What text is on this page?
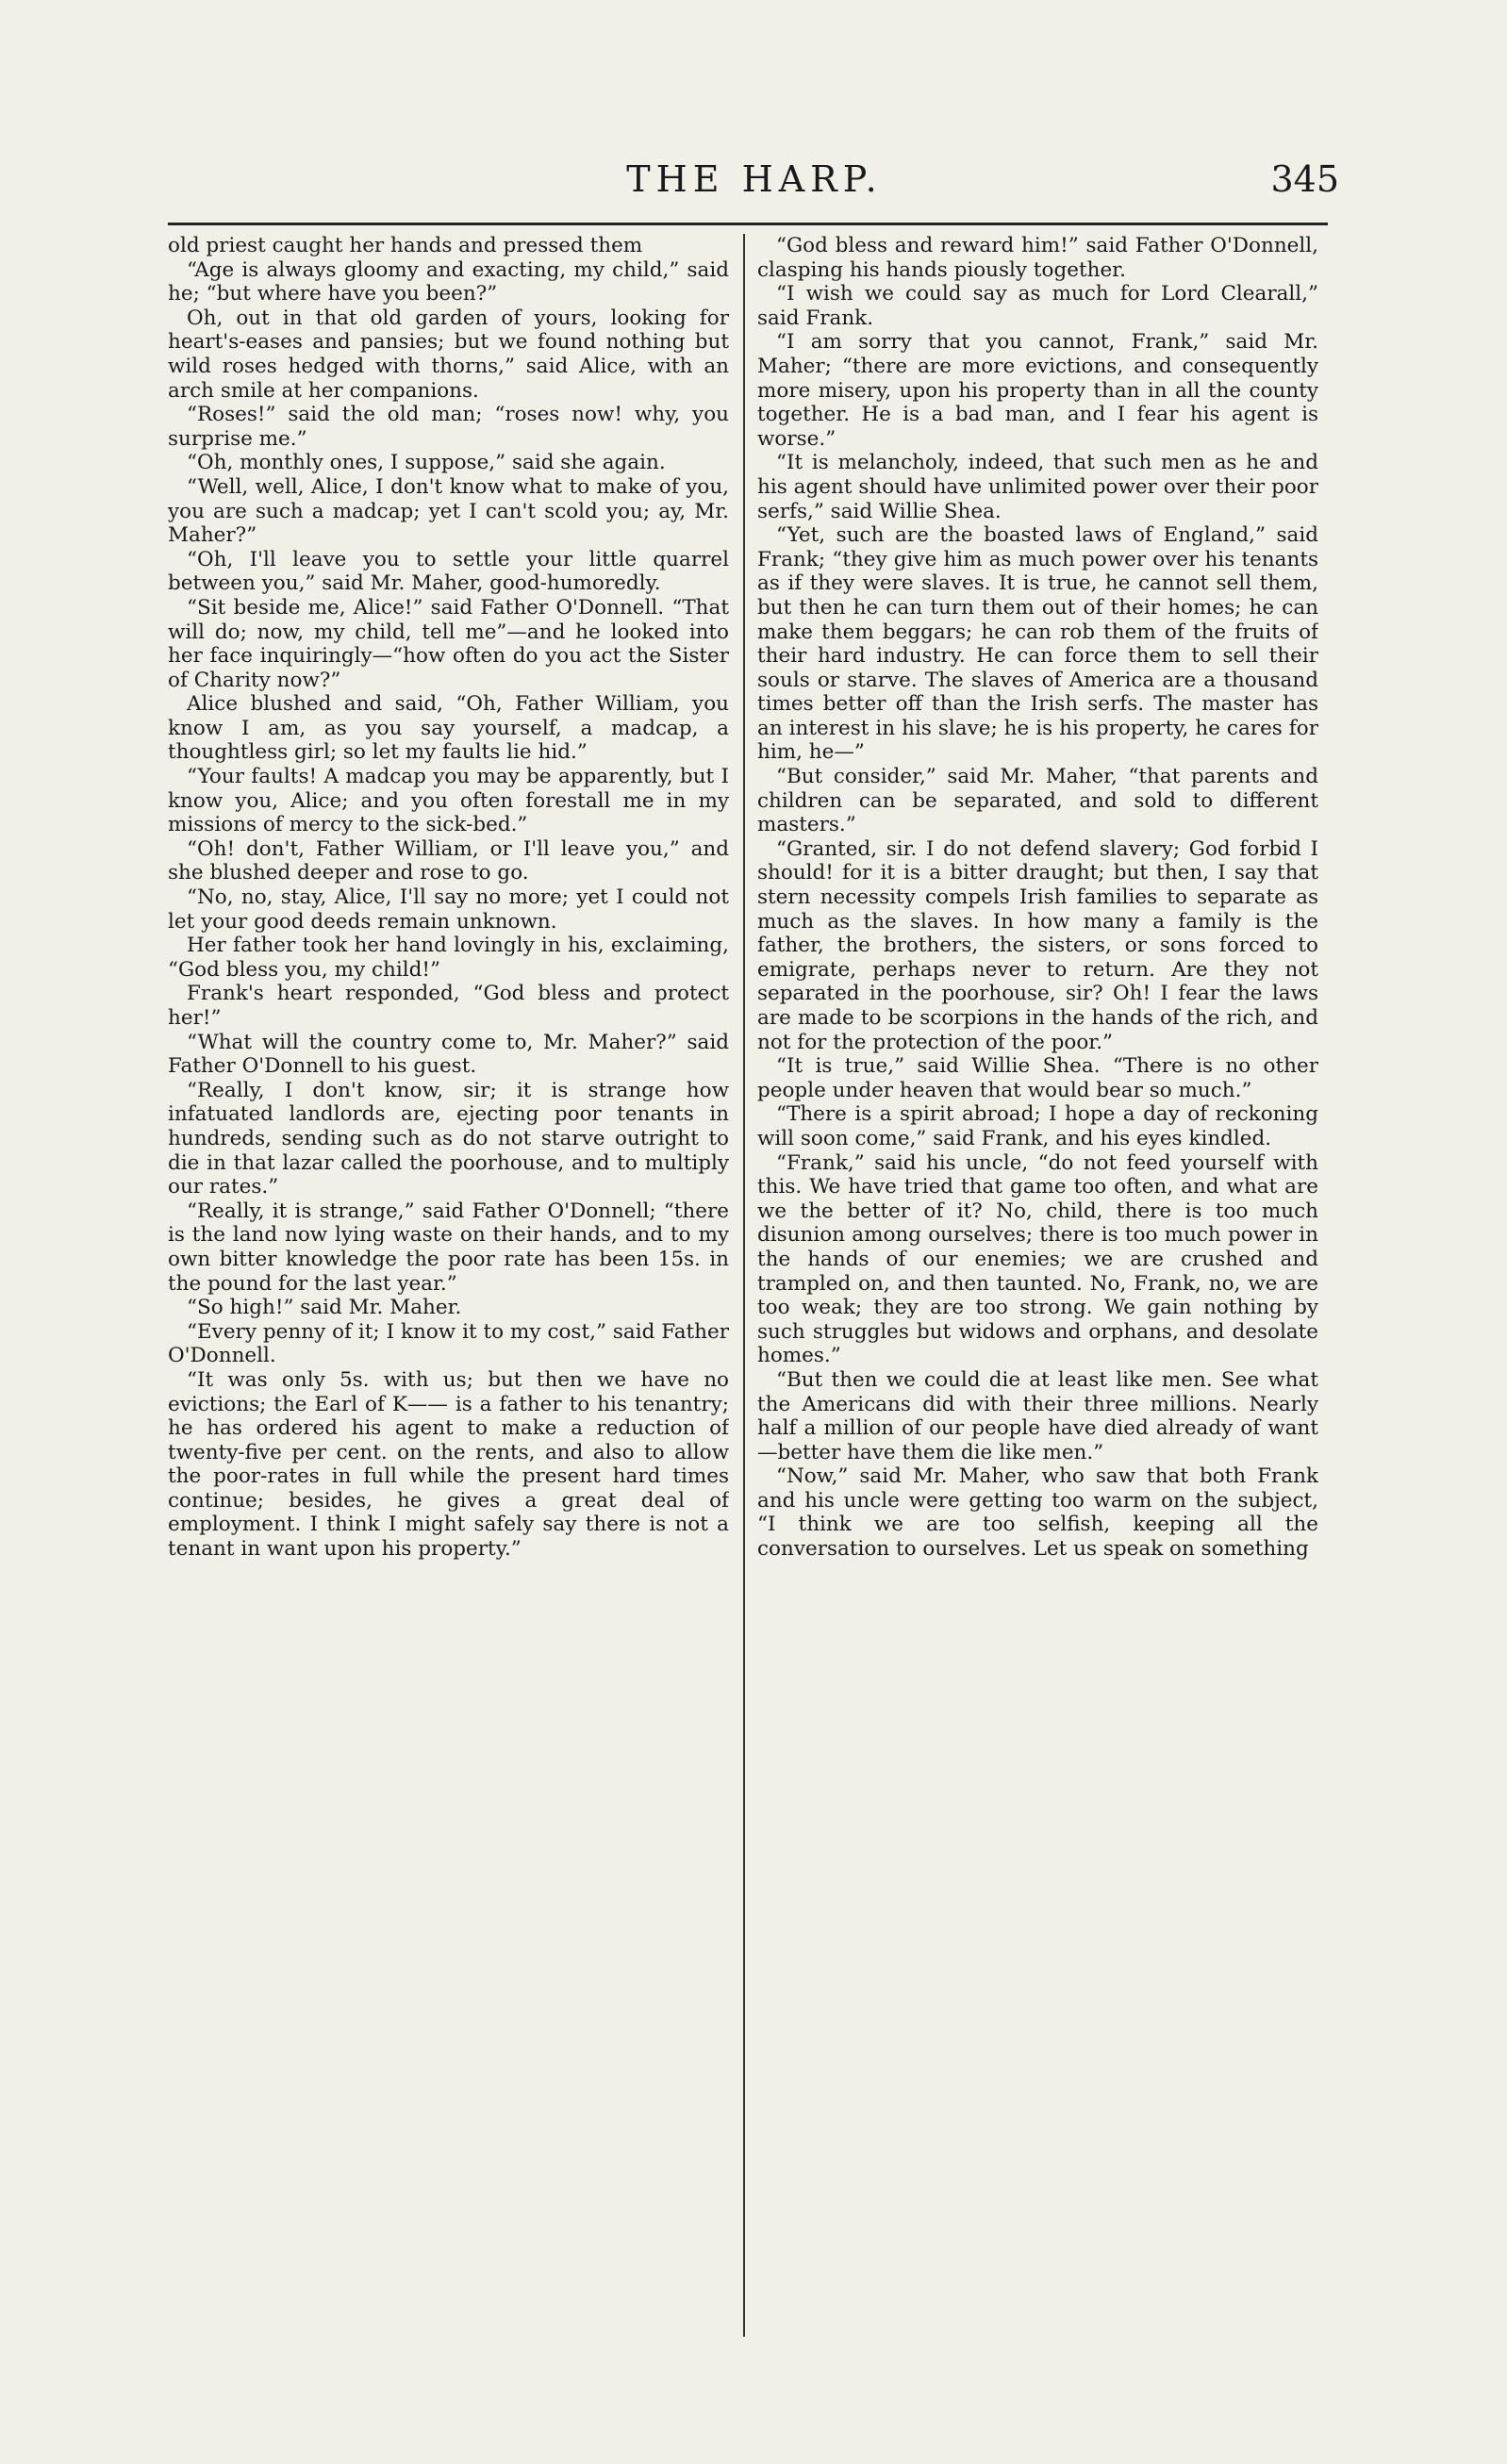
THE HARP.	345

old priest caught her hands and pressed them

“Age is always gloomy and exacting, my child,” said he; “but where have you been?”

Oh, out in that old garden of yours, looking for heart's-eases and pansies; but we found nothing but wild roses hedged with thorns,” said Alice, with an arch smile at her companions.

“Roses!” said the old man; “roses now! why, you surprise me.”

“Oh, monthly ones, I suppose,” said she again.

“Well, well, Alice, I don't know what to make of you, you are such a madcap; yet I can't scold you; ay, Mr. Maher?”

“Oh, I'll leave you to settle your little quarrel between you,” said Mr. Maher, good-humoredly.

“Sit beside me, Alice!” said Father O'Donnell. “That will do; now, my child, tell me”—and he looked into her face inquiringly—“how often do you act the Sister of Charity now?”

Alice blushed and said, “Oh, Father William, you know I am, as you say yourself, a madcap, a thoughtless girl; so let my faults lie hid.”

“Your faults! A madcap you may be apparently, but I know you, Alice; and you often forestall me in my missions of mercy to the sick-bed.”

“Oh! don't, Father William, or I'll leave you,” and she blushed deeper and rose to go.

“No, no, stay, Alice, I'll say no more; yet I could not let your good deeds remain unknown.

Her father took her hand lovingly in his, exclaiming, “God bless you, my child!”

Frank's heart responded, “God bless and protect her!”

“What will the country come to, Mr. Maher?” said Father O'Donnell to his guest.

“Really, I don't know, sir; it is strange how infatuated landlords are, ejecting poor tenants in hundreds, sending such as do not starve outright to die in that lazar called the poorhouse, and to multiply our rates.”

“Really, it is strange,” said Father O'Donnell; “there is the land now lying waste on their hands, and to my own bitter knowledge the poor rate has been 15s. in the pound for the last year.”

“So high!” said Mr. Maher.

“Every penny of it; I know it to my cost,” said Father O'Donnell.

“It was only 5s. with us; but then we have no evictions; the Earl of K—— is a father to his tenantry; he has ordered his agent to make a reduction of twenty-five per cent. on the rents, and also to allow the poor-rates in full while the present hard times continue; besides, he gives a great deal of employment. I think I might safely say there is not a tenant in want upon his property.”

“God bless and reward him!” said Father O'Donnell, clasping his hands piously together.

“I wish we could say as much for Lord Clearall,” said Frank.

“I am sorry that you cannot, Frank,” said Mr. Maher; “there are more evictions, and consequently more misery, upon his property than in all the county together. He is a bad man, and I fear his agent is worse.”

“It is melancholy, indeed, that such men as he and his agent should have unlimited power over their poor serfs,” said Willie Shea.

“Yet, such are the boasted laws of England,” said Frank; “they give him as much power over his tenants as if they were slaves. It is true, he cannot sell them, but then he can turn them out of their homes; he can make them beggars; he can rob them of the fruits of their hard industry. He can force them to sell their souls or starve. The slaves of America are a thousand times better off than the Irish serfs. The master has an interest in his slave; he is his property, he cares for him, he—”

“But consider,” said Mr. Maher, “that parents and children can be separated, and sold to different masters.”

“Granted, sir. I do not defend slavery; God forbid I should! for it is a bitter draught; but then, I say that stern necessity compels Irish families to separate as much as the slaves. In how many a family is the father, the brothers, the sisters, or sons forced to emigrate, perhaps never to return. Are they not separated in the poorhouse, sir? Oh! I fear the laws are made to be scorpions in the hands of the rich, and not for the protection of the poor.”

“It is true,” said Willie Shea. “There is no other people under heaven that would bear so much.”

“There is a spirit abroad; I hope a day of reckoning will soon come,” said Frank, and his eyes kindled.

“Frank,” said his uncle, “do not feed yourself with this. We have tried that game too often, and what are we the better of it? No, child, there is too much disunion among ourselves; there is too much power in the hands of our enemies; we are crushed and trampled on, and then taunted. No, Frank, no, we are too weak; they are too strong. We gain nothing by such struggles but widows and orphans, and desolate homes.”

“But then we could die at least like men. See what the Americans did with their three millions. Nearly half a million of our people have died already of want—better have them die like men.”

“Now,” said Mr. Maher, who saw that both Frank and his uncle were getting too warm on the subject, “I think we are too selfish, keeping all the conversation to ourselves. Let us speak on something
